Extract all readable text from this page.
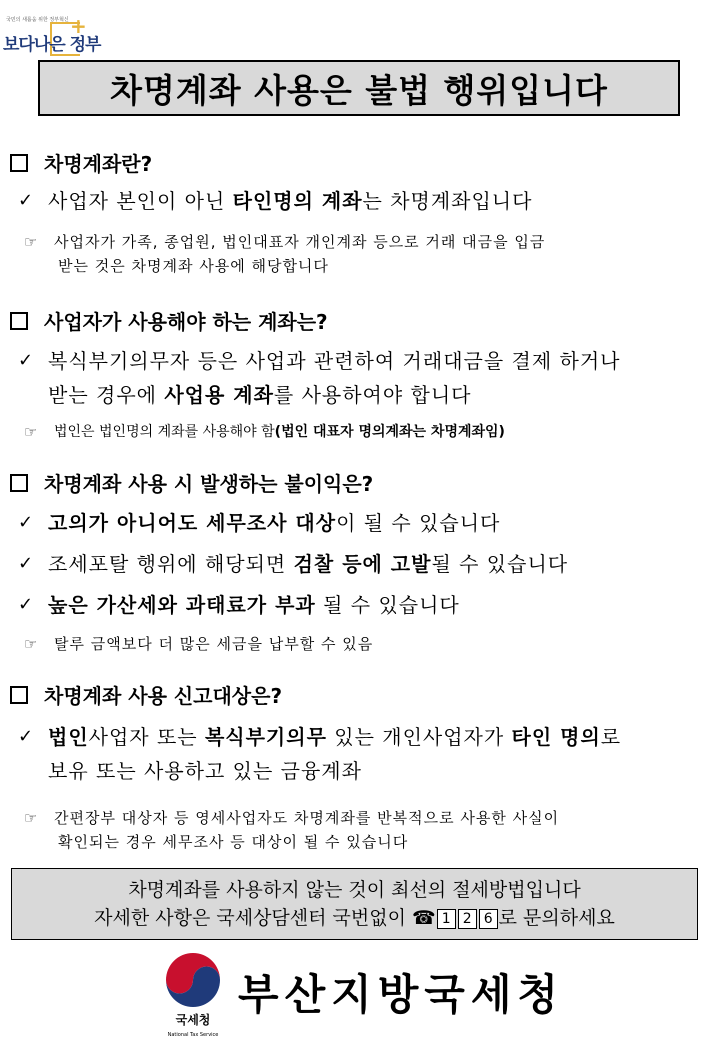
국민의 새롭움 위한 정부혁신 +
보다나은 정부
차명계좌 사용은 불법 행위입니다
차명계좌란?
✓ 사업자 본인이 아닌 타인명의 계좌는 차명계좌입니다
☞ 사업자가 가족, 종업원, 법인대표자 개인계좌 등으로 거래 대금을 입금
받는 것은 차명계좌 사용에 해당합니다
사업자가 사용해야 하는 계좌는?
✓ 복식부기의무자 등은 사업과 관련하여 거래대금을 결제 하거나
받는 경우에 사업용 계좌를 사용하여야 합니다
☞ 법인은 법인명의 계좌를 사용해야 함(법인 대표자 명의계좌는 차명계좌임)
차명계좌 사용 시 발생하는 불이익은?
✓ 고의가 아니어도 세무조사 대상이 될 수 있습니다
✓ 조세포탈 행위에 해당되면 검찰 등에 고발될 수 있습니다
✓ 높은 가산세와 과태료가 부과 될 수 있습니다
☞ 탈루 금액보다 더 많은 세금을 납부할 수 있음
차명계좌 사용 신고대상은?
✓ 법인사업자 또는 복식부기의무 있는 개인사업자가 타인 명의로
보유 또는 사용하고 있는 금융계좌
☞ 간편장부 대상자 등 영세사업자도 차명계좌를 반복적으로 사용한 사실이
확인되는 경우 세무조사 등 대상이 될 수 있습니다
차명계좌를 사용하지 않는 것이 최선의 절세방법입니다
자세한 사항은 국세상담센터 국번없이 ☎ 1 2 6 로 문의하세요
국세청
National Tax Service
부산지방국세청
